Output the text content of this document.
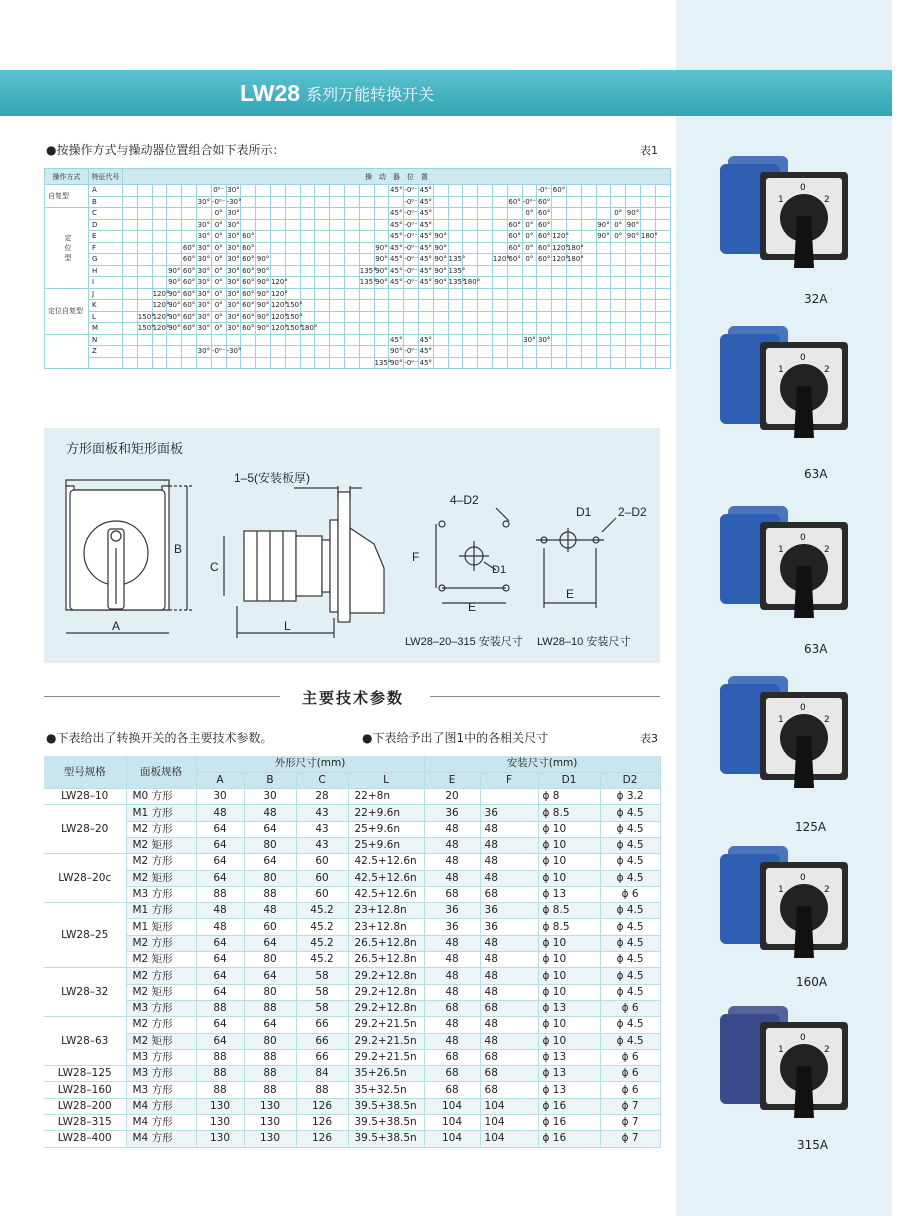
LW28 系列万能转换开关
●按操作方式与操动器位置组合如下表所示：	表1
操作方式	特征代号	操　动　器　位　置																																				
自复型	A							0⁰⁻	30°											45°	-0⁰⁻	45°								-0⁰⁻	60°							
	B						30°	-0⁰⁻	-30°												-0⁰⁻	45°						60°	-0⁰⁻	60°								
定
位
型	C							0°	30°											45°	-0⁰⁻	45°							0°	60°					0°	90°		
	D						30°	0°	30°											45°	-0⁰⁻	45°						60°	0°	60°				90°	0°	90°		
	E						30°	0°	30°	60°										45°	-0⁰⁻	45°	90°					60°	0°	60°	120°			90°	0°	90°	180°	
	F					60°	30°	0°	30°	60°									90°	45°	-0⁰⁻	45°	90°					60°	0°	60°	120°	180°						
	G					60°	30°	0°	30°	60°	90°								90°	45°	-0⁰⁻	45°	90°	135°			120°	60°	0°	60°	120°	180°						
	H				90°	60°	30°	0°	30°	60°	90°							135°	90°	45°	-0⁰⁻	45°	90°	135°														
	I				90°	60°	30°	0°	30°	60°	90°	120°						135°	90°	45°	-0⁰⁻	45°	90°	135°	180°													
定位自复型	J			120°	90°	60°	30°	0°	30°	60°	90°	120°																										
	K			120°	90°	60°	30°	0°	30°	60°	90°	120°	150°																									
	L		150°	120°	90°	60°	30°	0°	30°	60°	90°	120°	150°																									
	M		150°	120°	90°	60°	30°	0°	30°	60°	90°	120°	150°	180°																								
	N																			45°		45°							30°	30°								
	Z						30°	-0⁰⁻	-30°											90°	-0⁰⁻	45°																
																			135°	90°	-0⁰⁻	45°																
方形面板和矩形面板
A
B
C
L
1–5(安装板厚)
4–D2
D1
E
F
D1 2–D2
E
LW28–20–315 安装尺寸 LW28–10 安装尺寸
主要技术参数
●下表给出了转换开关的各主要技术参数。	●下表给予出了图1中的各相关尺寸	表3
型号规格	面板规格	外形尺寸(mm)				安装尺寸(mm)			
		A	B	C	L	E	F	D1	D2
LW28–10	M0 方形	30	30	28	22+8n	20		ϕ 8	ϕ 3.2
LW28–20	M1 方形	48	48	43	22+9.6n	36	36	ϕ 8.5	ϕ 4.5
	M2 方形	64	64	43	25+9.6n	48	48	ϕ 10	ϕ 4.5
	M2 矩形	64	80	43	25+9.6n	48	48	ϕ 10	ϕ 4.5
LW28–20c	M2 方形	64	64	60	42.5+12.6n	48	48	ϕ 10	ϕ 4.5
	M2 矩形	64	80	60	42.5+12.6n	48	48	ϕ 10	ϕ 4.5
	M3 方形	88	88	60	42.5+12.6n	68	68	ϕ 13	ϕ 6
LW28–25	M1 方形	48	48	45.2	23+12.8n	36	36	ϕ 8.5	ϕ 4.5
	M1 矩形	48	60	45.2	23+12.8n	36	36	ϕ 8.5	ϕ 4.5
	M2 方形	64	64	45.2	26.5+12.8n	48	48	ϕ 10	ϕ 4.5
	M2 矩形	64	80	45.2	26.5+12.8n	48	48	ϕ 10	ϕ 4.5
LW28–32	M2 方形	64	64	58	29.2+12.8n	48	48	ϕ 10	ϕ 4.5
	M2 矩形	64	80	58	29.2+12.8n	48	48	ϕ 10	ϕ 4.5
	M3 方形	88	88	58	29.2+12.8n	68	68	ϕ 13	ϕ 6
LW28–63	M2 方形	64	64	66	29.2+21.5n	48	48	ϕ 10	ϕ 4.5
	M2 矩形	64	80	66	29.2+21.5n	48	48	ϕ 10	ϕ 4.5
	M3 方形	88	88	66	29.2+21.5n	68	68	ϕ 13	ϕ 6
LW28–125	M3 方形	88	88	84	35+26.5n	68	68	ϕ 13	ϕ 6
LW28–160	M3 方形	88	88	88	35+32.5n	68	68	ϕ 13	ϕ 6
LW28–200	M4 方形	130	130	126	39.5+38.5n	104	104	ϕ 16	ϕ 7
LW28–315	M4 方形	130	130	126	39.5+38.5n	104	104	ϕ 16	ϕ 7
LW28–400	M4 方形	130	130	126	39.5+38.5n	104	104	ϕ 16	ϕ 7
0
1	2
32A
0
1	2
63A
0
1	2
63A
0
1	2
125A
0
1	2
160A
0
1	2
315A
